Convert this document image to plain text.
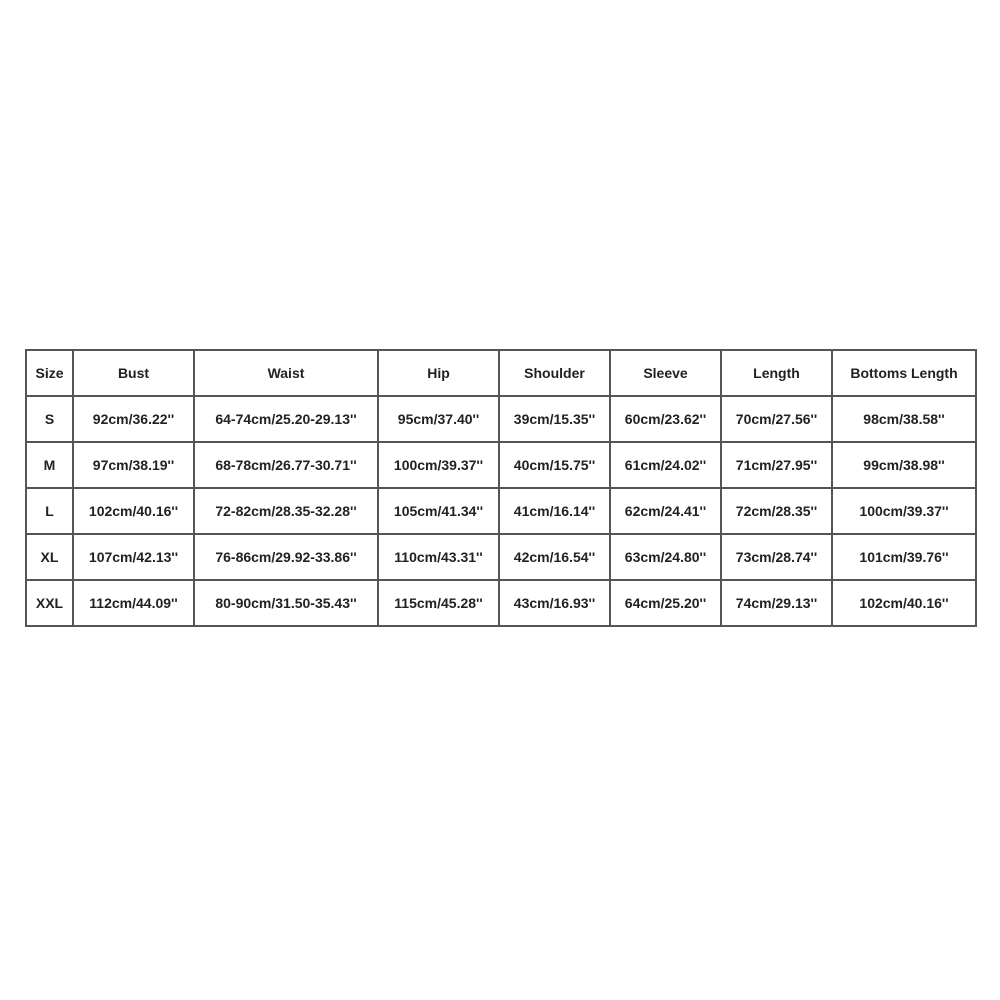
Size	Bust	Waist	Hip	Shoulder	Sleeve	Length	Bottoms Length
S	92cm/36.22''	64-74cm/25.20-29.13''	95cm/37.40''	39cm/15.35''	60cm/23.62''	70cm/27.56''	98cm/38.58''
M	97cm/38.19''	68-78cm/26.77-30.71''	100cm/39.37''	40cm/15.75''	61cm/24.02''	71cm/27.95''	99cm/38.98''
L	102cm/40.16''	72-82cm/28.35-32.28''	105cm/41.34''	41cm/16.14''	62cm/24.41''	72cm/28.35''	100cm/39.37''
XL	107cm/42.13''	76-86cm/29.92-33.86''	110cm/43.31''	42cm/16.54''	63cm/24.80''	73cm/28.74''	101cm/39.76''
XXL	112cm/44.09''	80-90cm/31.50-35.43''	115cm/45.28''	43cm/16.93''	64cm/25.20''	74cm/29.13''	102cm/40.16''
